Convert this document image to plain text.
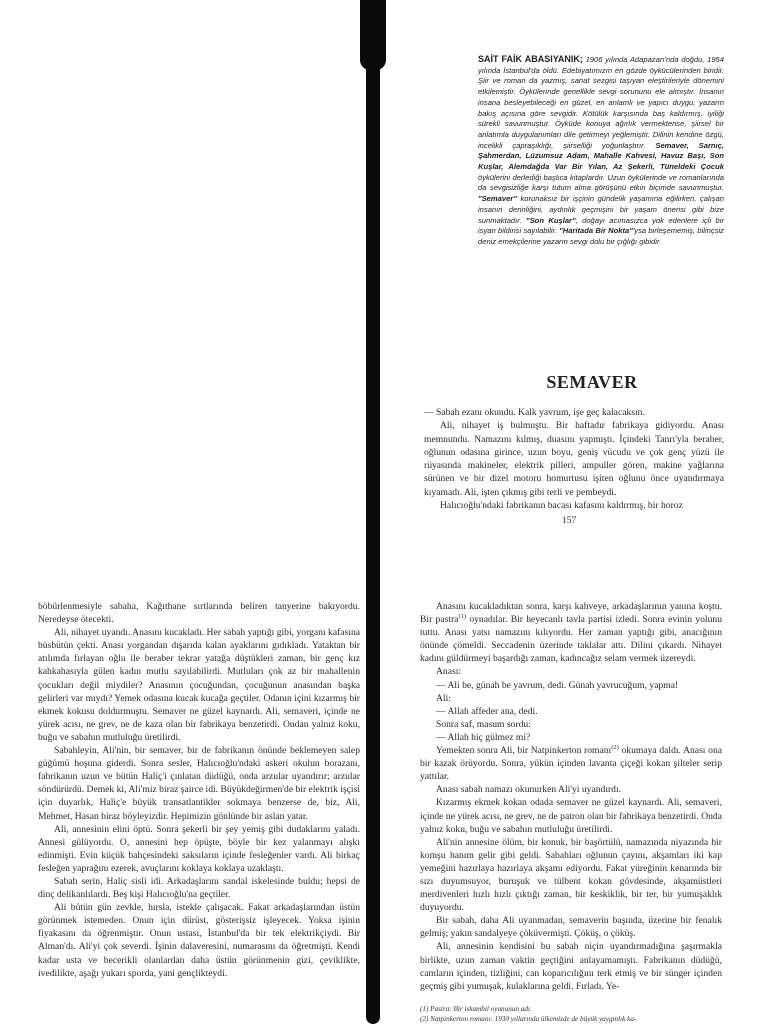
SAİT FAİK ABASIYANIK; 1906 yılında Adapazarı'nda doğdu, 1954 yılında İstanbul'da öldü. Edebiyatımızın en gözde öykücülerinden biridir. Şiir ve roman da yazmış, sanat sezgisi taşıyan eleştirileriyle dönemini etkilemiştir. Öykülerinde genellikle sevgi sorununu ele almıştır. İnsanın insana besleyebileceği en güzel, en anlamlı ve yapıcı duygu, yazarın bakış açısına göre sevgidir. Kötülük karşısında baş kaldırmış, iyiliği sürekli savunmuştur. Öyküde konuya ağırlık vermektense, şiirsel bir anlatımla duygulanımları dile getirmeyi yeğlemiştir. Dilinin kendine özgü, incelikli çapraşıklığı, şiirselliği yoğunlaştırır. Semaver, Sarnıç, Şahmerdan, Lüzumsuz Adam, Mahalle Kahvesi, Havuz Başı, Son Kuşlar, Alemdağda Var Bir Yılan, Az Şekerli, Tüneldeki Çocuk öykülerini derlediği başlıca kitaplardır. Uzun öykülerinde ve romanlarında da sevgisizliğe karşı tutum alma görüşünü etkin biçimde savunmuştur. "Semaver" korunaksız bir işçinin gündelik yaşamına eğilirken, çalışan insanın derinliğini, aydınlık geçmişini bir yaşam önerisi gibi bize sunmaktadır. "Son Kuşlar", doğayı acımasızca yok edenlere içli bir isyan bildirisi sayılabilir. "Haritada Bir Nokta"'ysa birleşememiş, bilinçsiz deniz emekçilerine yazarın sevgi dolu bir çığlığı gibidir.
SEMAVER

— Sabah ezanı okundu. Kalk yavrum, işe geç kalacaksın.

Ali, nihayet iş bulmuştu. Bir haftadır fabrikaya gidiyordu. Anası memnundu. Namazını kılmış, duasını yapmıştı. İçindeki Tanrı'yla beraber, oğlunun odasına girince, uzun boyu, geniş vücudu ve çok genç yüzü ile rüyasında makineler, elektrik pilleri, ampuller gören, makine yağlarına sürünen ve bir dizel motoru homurtusu işiten oğlunu önce uyandırmaya kıyamadı. Ali, işten çıkmış gibi terli ve pembeydi.

Halıcıoğlu'ndaki fabrikanın bacası kafasını kaldırmış, bir horoz

157

böbürlenmesiyle sabaha, Kağıthane sırtlarında beliren tanyerine bakıyordu. Neredeyse ötecekti.

Ali, nihayet uyandı. Anasını kucakladı. Her sabah yaptığı gibi, yorganı kafasına büsbütün çekti. Anası yorgandan dışarıda kalan ayaklarını gıdıkladı. Yataktan bir atılımda fırlayan oğlu ile beraber tekrar yatağa düştükleri zaman, bir genç kız kahkahasıyla gülen kadın mutlu sayılabilirdi. Mutluları çok az bir mahallenin çocukları değil miydiler? Anasının çocuğundan, çocuğunun anasından başka gelirleri var mıydı? Yemek odasına kucak kucağa geçtiler. Odanın içini kızarmış bir ekmek kokusu doldurmuştu. Semaver ne güzel kaynardı. Ali, semaveri, içinde ne yürek acısı, ne grev, ne de kaza olan bir fabrikaya benzetirdi. Ondan yalnız koku, buğu ve sabahın mutluluğu üretilirdi.

Sabahleyin, Ali'nin, bir semaver, bir de fabrikanın önünde beklemeyen salep güğümü hoşuna giderdi. Sonra sesler, Halıcıoğlu'ndaki askeri okulun borazanı, fabrikanın uzun ve bütün Haliç'i çınlatan düdüğü, onda arzular uyandırır; arzular söndürürdü. Demek ki, Ali'miz biraz şairce idi. Büyükdeğirmen'de bir elektrik işçisi için duyarlık, Haliç'e büyük transatlantikler sokmaya benzerse de, biz, Ali, Mehmet, Hasan biraz böyleyizdir. Hepimizin gönlünde bir aslan yatar.

Ali, annesinin elini öptü. Sonra şekerli bir şey yemiş gibi dudaklarını yaladı. Annesi gülüyordu. O, annesini hep öpüşte, böyle bir kez yalanmayı alışkı edinmişti. Evin küçük bahçesindeki saksıların içinde fesleğenler vardı. Ali birkaç fesleğen yaprağını ezerek, avuçlarını koklaya koklaya uzaklaştı.

Sabah serin, Haliç sisli idi. Arkadaşlarını sandal iskelesinde buldu; hepsi de dinç delikanlılardı. Beş kişi Halıcıoğlu'na geçtiler.

Ali bütün gün zevkle, hırsla, istekle çalışacak. Fakat arkadaşlarından üstün görünmek istemeden. Onun için dürüst, gösterişsiz işleyecek. Yoksa işinin fiyakasını da öğrenmiştir. Onun ustası, İstanbul'da bir tek elektrikçiydi. Bir Alman'dı. Ali'yi çok severdi. İşinin dalaveresini, numarasını da öğretmişti. Kendi kadar usta ve becerikli olanlardan daha üstün görünmenin gizi, çeviklikte, ivedilikte, aşağı yukarı sporda, yani gençlikteydi.

Anasını kucakladıktan sonra, karşı kahveye, arkadaşlarının yanına koştu. Bir pastra$^{(1)}$ oynadılar. Bir heyecanlı tavla partisi izledi. Sonra evinin yolunu tuttu. Anası yatsı namazını kılıyordu. Her zaman yaptığı gibi, anacığının önünde çömeldi. Seccadenin üzerinde taklalar attı. Dilini çıkardı. Nihayet kadını güldürmeyi başardığı zaman, kadıncağız selam vermek üzereydi.

Anası:

— Ali be, günah be yavrum, dedi. Günah yavrucuğum, yapma!

Ali:

— Allah affeder ana, dedi.

Sonra saf, masum sordu:

— Allah hiç gülmez mi?

Yemekten sonra Ali, bir Natpinkerton romanı$^{(2)}$ okumaya daldı. Anası ona bir kazak örüyordu. Sonra, yükün içinden lavanta çiçeği kokan şilteler serip yattılar.

Anası sabah namazı okunurken Ali'yi uyandırdı.

Kızarmış ekmek kokan odada semaver ne güzel kaynardı. Ali, semaveri, içinde ne yürek acısı, ne grev, ne de patron olan bir fabrikaya benzetirdi. Onda yalnız koku, buğu ve sabahın mutluluğu üretilirdi.

Ali'nin annesine ölüm, bir konuk, bir başörtülü, namazında niyazında bir komşu hanım gelir gibi geldi. Sabahları oğlunun çayını, akşamları iki kap yemeğini hazırlaya hazırlaya akşamı ediyordu. Fakat yüreğinin kenarında bir sızı duyumsuyor, buruşuk ve tülbent kokan gövdesinde, akşamüstleri merdivenleri hızlı hızlı çıktığı zaman, bir keskiklik, bir ter, bir yumuşaklık duyuyordu.

Bir sabah, daha Ali uyanmadan, semaverin başında, üzerine bir fenalık gelmiş; yakın sandalyeye çöküvermişti. Çöküş, o çöküş.

Ali, annesinin kendisini bu sabah niçin uyandırmadığına şaşırmakla birlikte, uzun zaman vaktin geçtiğini anlayamamıştı. Fabrikanın düdüğü, camların içinden, tizliğini, can koparıcılığını terk etmiş ve bir sünger içinden geçmiş gibi yumuşak, kulaklarına geldi. Fırladı. Ye-

(1) Pastra: Bir iskambil oyununun adı.
(2) Natpinkerton romanı: 1930 yıllarında ülkemizde de büyük yaygınlık ka-
